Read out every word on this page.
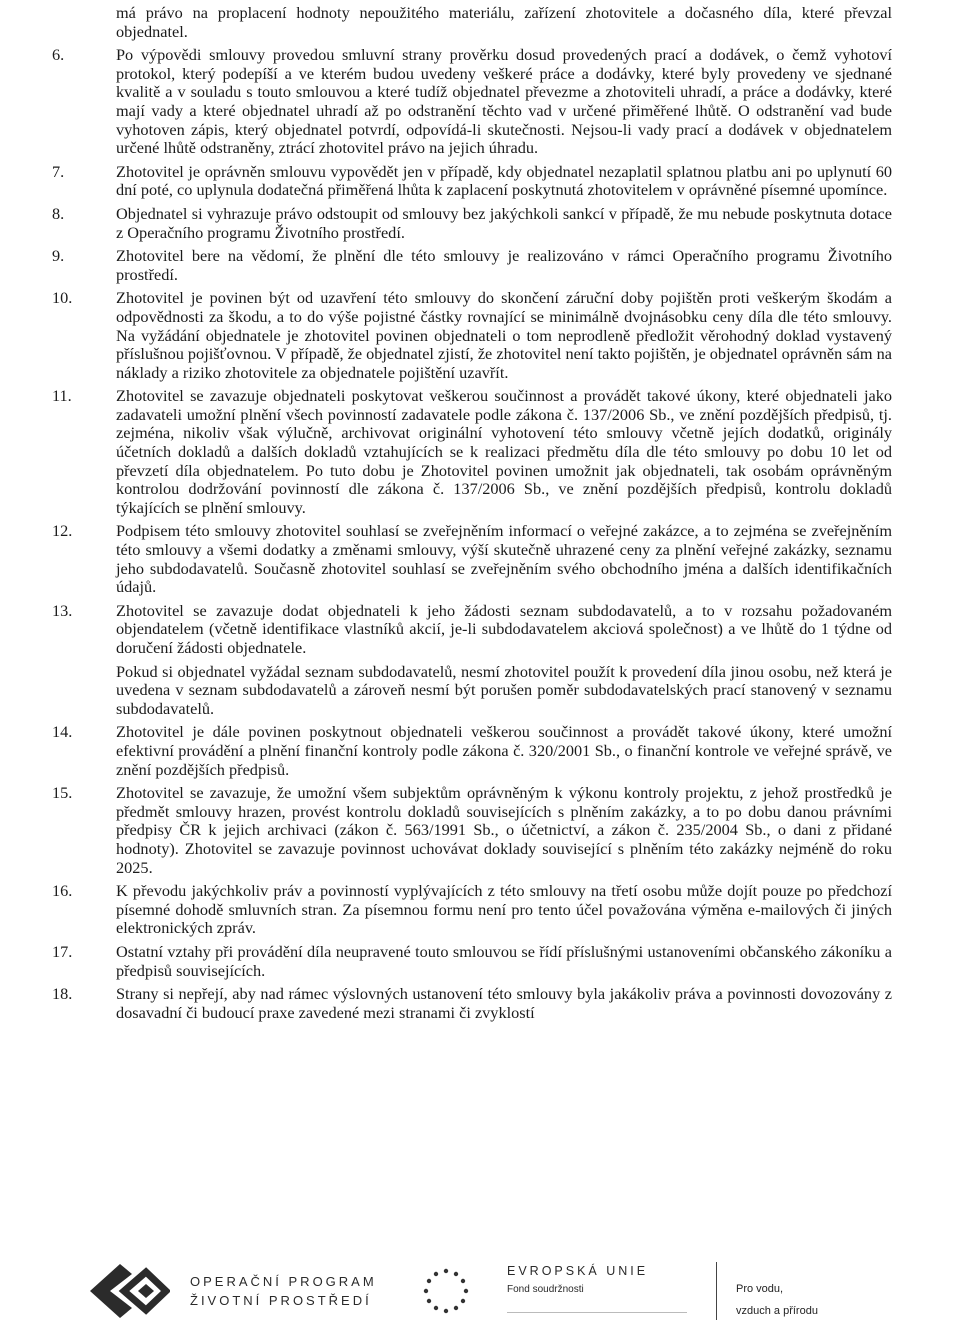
má právo na proplacení hodnoty nepoužitého materiálu, zařízení zhotovitele a dočasného díla, které převzal objednatel.

6.	Po výpovědi smlouvy provedou smluvní strany prověrku dosud provedených prací a dodávek, o čemž vyhotoví protokol, který podepíší a ve kterém budou uvedeny veškeré práce a dodávky, které byly provedeny ve sjednané kvalitě a v souladu s touto smlouvou a které tudíž objednatel převezme a zhotoviteli uhradí, a práce a dodávky, které mají vady a které objednatel uhradí až po odstranění těchto vad v určené přiměřené lhůtě. O odstranění vad bude vyhotoven zápis, který objednatel potvrdí, odpovídá-li skutečnosti. Nejsou-li vady prací a dodávek v objednatelem určené lhůtě odstraněny, ztrácí zhotovitel právo na jejich úhradu.

7.	Zhotovitel je oprávněn smlouvu vypovědět jen v případě, kdy objednatel nezaplatil splatnou platbu ani po uplynutí 60 dní poté, co uplynula dodatečná přiměřená lhůta k zaplacení poskytnutá zhotovitelem v oprávněné písemné upomínce.

8.	Objednatel si vyhrazuje právo odstoupit od smlouvy bez jakýchkoli sankcí v případě, že mu nebude poskytnuta dotace z Operačního programu Životního prostředí.

9.	Zhotovitel bere na vědomí, že plnění dle této smlouvy je realizováno v rámci Operačního programu Životního prostředí.

10.	Zhotovitel je povinen být od uzavření této smlouvy do skončení záruční doby pojištěn proti veškerým škodám a odpovědnosti za škodu, a to do výše pojistné částky rovnající se minimálně dvojnásobku ceny díla dle této smlouvy. Na vyžádání objednatele je zhotovitel povinen objednateli o tom neprodleně předložit věrohodný doklad vystavený příslušnou pojišťovnou. V případě, že objednatel zjistí, že zhotovitel není takto pojištěn, je objednatel oprávněn sám na náklady a riziko zhotovitele za objednatele pojištění uzavřít.

11.	Zhotovitel se zavazuje objednateli poskytovat veškerou součinnost a provádět takové úkony, které objednateli jako zadavateli umožní plnění všech povinností zadavatele podle zákona č. 137/2006 Sb., ve znění pozdějších předpisů, tj. zejména, nikoliv však výlučně, archivovat originální vyhotovení této smlouvy včetně jejích dodatků, originály účetních dokladů a dalších dokladů vztahujících se k realizaci předmětu díla dle této smlouvy po dobu 10 let od převzetí díla objednatelem. Po tuto dobu je Zhotovitel povinen umožnit jak objednateli, tak osobám oprávněným kontrolou dodržování povinností dle zákona č. 137/2006 Sb., ve znění pozdějších předpisů, kontrolu dokladů týkajících se plnění smlouvy.

12.	Podpisem této smlouvy zhotovitel souhlasí se zveřejněním informací o veřejné zakázce, a to zejména se zveřejněním této smlouvy a všemi dodatky a změnami smlouvy, výší skutečně uhrazené ceny za plnění veřejné zakázky, seznamu jeho subdodavatelů. Současně zhotovitel souhlasí se zveřejněním svého obchodního jména a dalších identifikačních údajů.

13.	Zhotovitel se zavazuje dodat objednateli k jeho žádosti seznam subdodavatelů, a to v rozsahu požadovaném objendatelem (včetně identifikace vlastníků akcií, je-li subdodavatelem akciová společnost) a ve lhůtě do 1 týdne od doručení žádosti objednatele.

Pokud si objednatel vyžádal seznam subdodavatelů, nesmí zhotovitel použít k provedení díla jinou osobu, než která je uvedena v seznam subdodavatelů a zároveň nesmí být porušen poměr subdodavatelských prací stanovený v seznamu subdodavatelů.

14.	Zhotovitel je dále povinen poskytnout objednateli veškerou součinnost a provádět takové úkony, které umožní efektivní provádění a plnění finanční kontroly podle zákona č. 320/2001 Sb., o finanční kontrole ve veřejné správě, ve znění pozdějších předpisů.

15.	Zhotovitel se zavazuje, že umožní všem subjektům oprávněným k výkonu kontroly projektu, z jehož prostředků je předmět smlouvy hrazen, provést kontrolu dokladů souvisejících s plněním zakázky, a to po dobu danou právními předpisy ČR k jejich archivaci (zákon č. 563/1991 Sb., o účetnictví, a zákon č. 235/2004 Sb., o dani z přidané hodnoty). Zhotovitel se zavazuje povinnost uchovávat doklady související s plněním této zakázky nejméně do roku 2025.

16.	K převodu jakýchkoliv práv a povinností vyplývajících z této smlouvy na třetí osobu může dojít pouze po předchozí písemné dohodě smluvních stran. Za písemnou formu není pro tento účel považována výměna e-mailových či jiných elektronických zpráv.

17.	Ostatní vztahy při provádění díla neupravené touto smlouvou se řídí příslušnými ustanoveními občanského zákoníku a předpisů souvisejících.

18.	Strany si nepřejí, aby nad rámec výslovných ustanovení této smlouvy byla jakákoliv práva a povinnosti dovozovány z dosavadní či budoucí praxe zavedené mezi stranami či zvyklostí

OPERAČNÍ PROGRAM
ŽIVOTNÍ PROSTŘEDÍ
EVROPSKÁ UNIE
Fond soudržnosti	Pro vodu,
vzduch a přírodu
